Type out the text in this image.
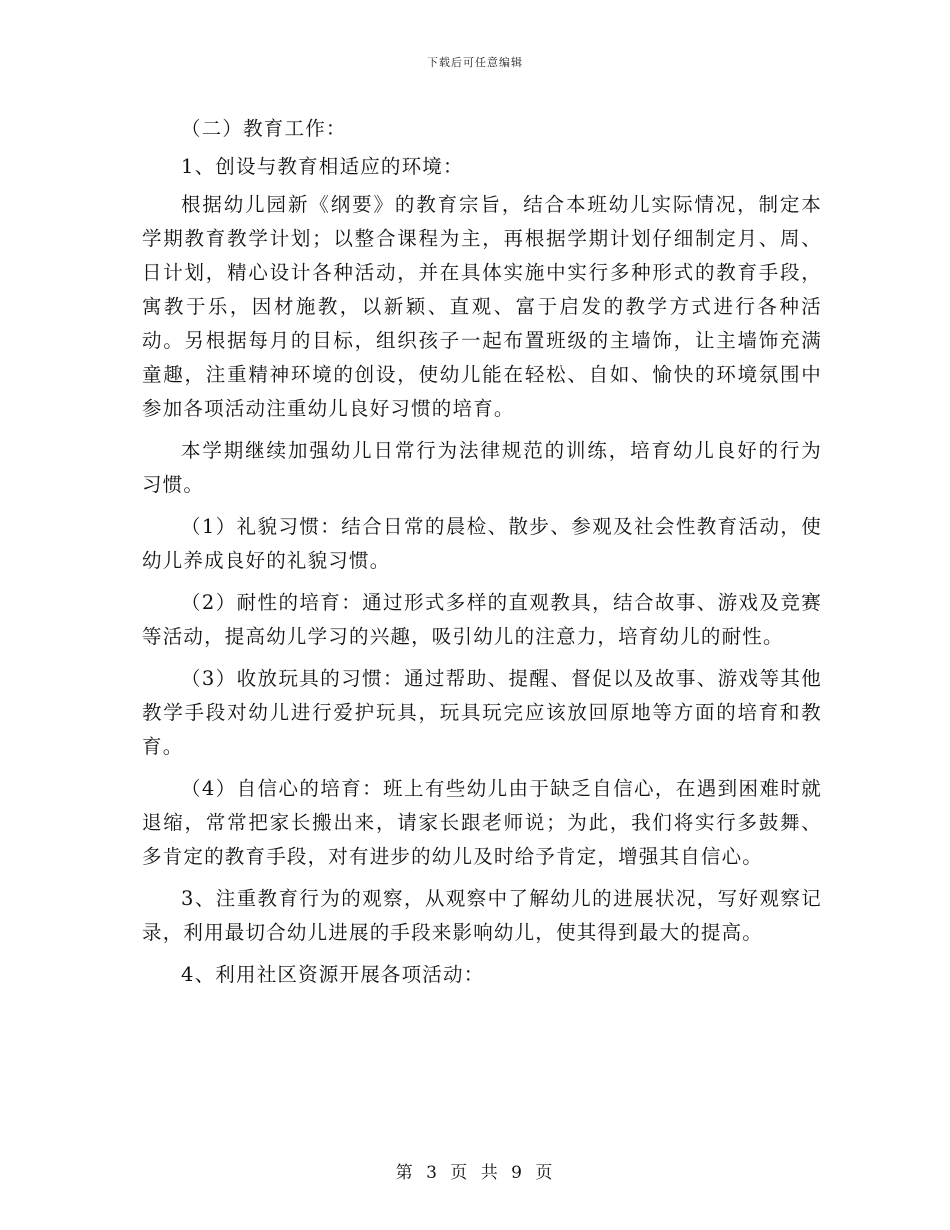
下载后可任意编辑

（二）教育工作：

1、创设与教育相适应的环境：

根据幼儿园新《纲要》的教育宗旨，结合本班幼儿实际情况，制定本学期教育教学计划；以整合课程为主，再根据学期计划仔细制定月、周、日计划，精心设计各种活动，并在具体实施中实行多种形式的教育手段，寓教于乐，因材施教，以新颖、直观、富于启发的教学方式进行各种活动。另根据每月的目标，组织孩子一起布置班级的主墙饰，让主墙饰充满童趣，注重精神环境的创设，使幼儿能在轻松、自如、愉快的环境氛围中参加各项活动注重幼儿良好习惯的培育。

本学期继续加强幼儿日常行为法律规范的训练，培育幼儿良好的行为习惯。

（1）礼貌习惯：结合日常的晨检、散步、参观及社会性教育活动，使幼儿养成良好的礼貌习惯。

（2）耐性的培育：通过形式多样的直观教具，结合故事、游戏及竞赛等活动，提高幼儿学习的兴趣，吸引幼儿的注意力，培育幼儿的耐性。

（3）收放玩具的习惯：通过帮助、提醒、督促以及故事、游戏等其他教学手段对幼儿进行爱护玩具，玩具玩完应该放回原地等方面的培育和教育。

（4）自信心的培育：班上有些幼儿由于缺乏自信心，在遇到困难时就退缩，常常把家长搬出来，请家长跟老师说；为此，我们将实行多鼓舞、多肯定的教育手段，对有进步的幼儿及时给予肯定，增强其自信心。

3、注重教育行为的观察，从观察中了解幼儿的进展状况，写好观察记录，利用最切合幼儿进展的手段来影响幼儿，使其得到最大的提高。

4、利用社区资源开展各项活动：

第 3 页 共 9 页
